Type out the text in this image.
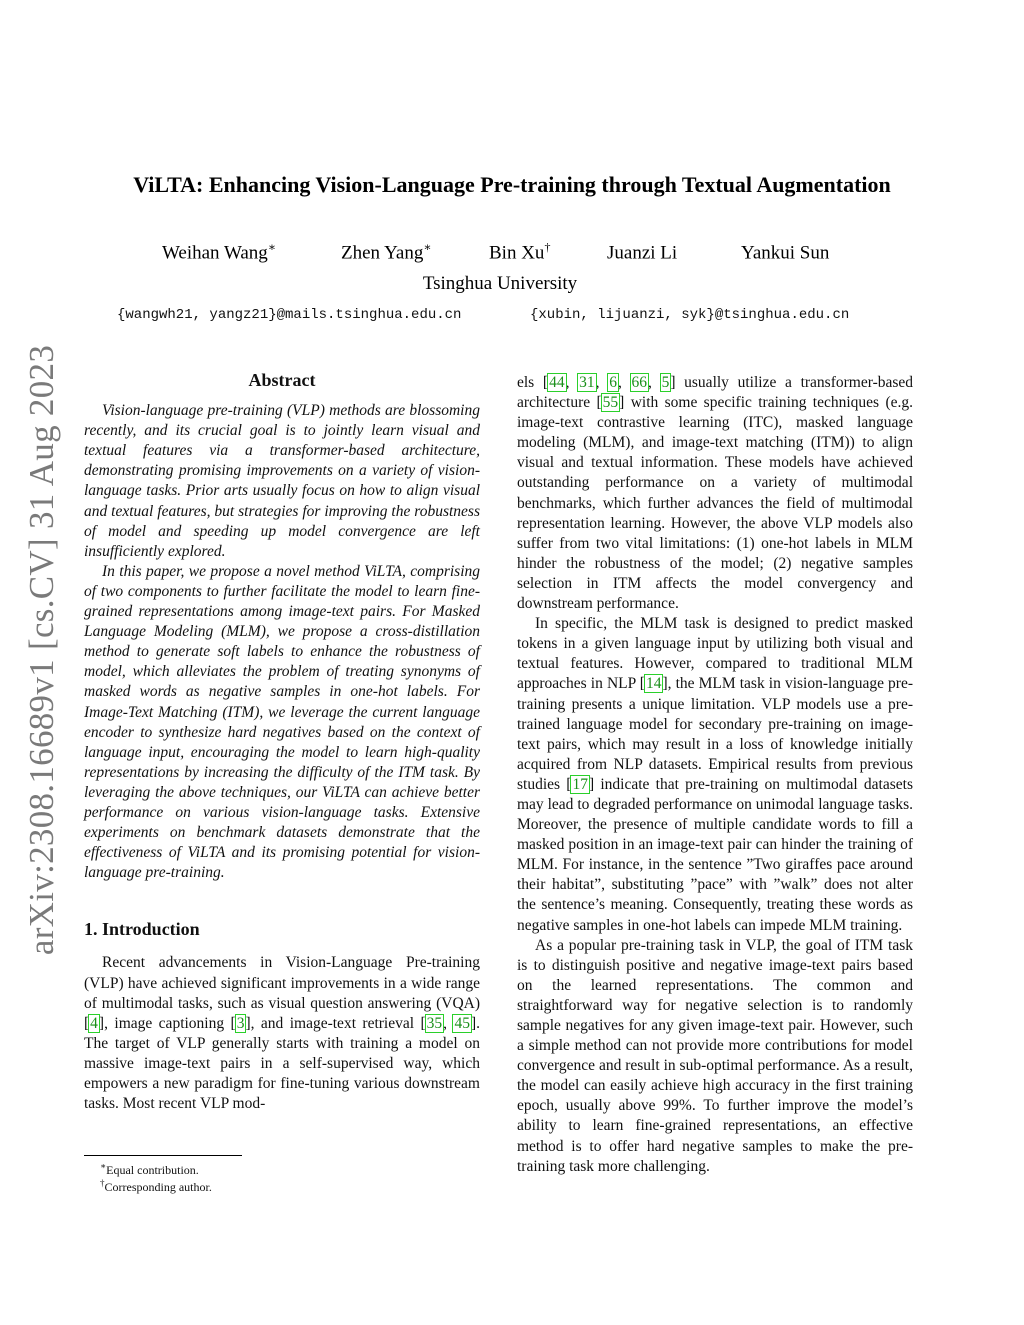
arXiv:2308.16689v1 [cs.CV] 31 Aug 2023
ViLTA: Enhancing Vision-Language Pre-training through Textual Augmentation
Weihan Wang∗	Zhen Yang∗	Bin Xu†	Juanzi Li	Yankui Sun
Tsinghua University
{wangwh21, yangz21}@mails.tsinghua.edu.cn	{xubin, lijuanzi, syk}@tsinghua.edu.cn
Abstract

Vision-language pre-training (VLP) methods are blossoming recently, and its crucial goal is to jointly learn visual and textual features via a transformer-based architecture, demonstrating promising improvements on a variety of vision-language tasks. Prior arts usually focus on how to align visual and textual features, but strategies for improving the robustness of model and speeding up model convergence are left insufficiently explored.

In this paper, we propose a novel method ViLTA, comprising of two components to further facilitate the model to learn fine-grained representations among image-text pairs. For Masked Language Modeling (MLM), we propose a cross-distillation method to generate soft labels to enhance the robustness of model, which alleviates the problem of treating synonyms of masked words as negative samples in one-hot labels. For Image-Text Matching (ITM), we leverage the current language encoder to synthesize hard negatives based on the context of language input, encouraging the model to learn high-quality representations by increasing the difficulty of the ITM task. By leveraging the above techniques, our ViLTA can achieve better performance on various vision-language tasks. Extensive experiments on benchmark datasets demonstrate that the effectiveness of ViLTA and its promising potential for vision-language pre-training.

1. Introduction

Recent advancements in Vision-Language Pre-training (VLP) have achieved significant improvements in a wide range of multimodal tasks, such as visual question answering (VQA) [4], image captioning [3], and image-text retrieval [35, 45]. The target of VLP generally starts with training a model on massive image-text pairs in a self-supervised way, which empowers a new paradigm for fine-tuning various downstream tasks. Most recent VLP mod-

els [44, 31, 6, 66, 5] usually utilize a transformer-based architecture [55] with some specific training techniques (e.g. image-text contrastive learning (ITC), masked language modeling (MLM), and image-text matching (ITM)) to align visual and textual information. These models have achieved outstanding performance on a variety of multimodal benchmarks, which further advances the field of multimodal representation learning. However, the above VLP models also suffer from two vital limitations: (1) one-hot labels in MLM hinder the robustness of the model; (2) negative samples selection in ITM affects the model convergency and downstream performance.

In specific, the MLM task is designed to predict masked tokens in a given language input by utilizing both visual and textual features. However, compared to traditional MLM approaches in NLP [14], the MLM task in vision-language pre-training presents a unique limitation. VLP models use a pre-trained language model for secondary pre-training on image-text pairs, which may result in a loss of knowledge initially acquired from NLP datasets. Empirical results from previous studies [17] indicate that pre-training on multimodal datasets may lead to degraded performance on unimodal language tasks. Moreover, the presence of multiple candidate words to fill a masked position in an image-text pair can hinder the training of MLM. For instance, in the sentence ”Two giraffes pace around their habitat”, substituting ”pace” with ”walk” does not alter the sentence’s meaning. Consequently, treating these words as negative samples in one-hot labels can impede MLM training.

As a popular pre-training task in VLP, the goal of ITM task is to distinguish positive and negative image-text pairs based on the learned representations. The common and straightforward way for negative selection is to randomly sample negatives for any given image-text pair. However, such a simple method can not provide more contributions for model convergence and result in sub-optimal performance. As a result, the model can easily achieve high accuracy in the first training epoch, usually above 99%. To further improve the model’s ability to learn fine-grained representations, an effective method is to offer hard negative samples to make the pre-training task more challenging.

∗Equal contribution.
†Corresponding author.
